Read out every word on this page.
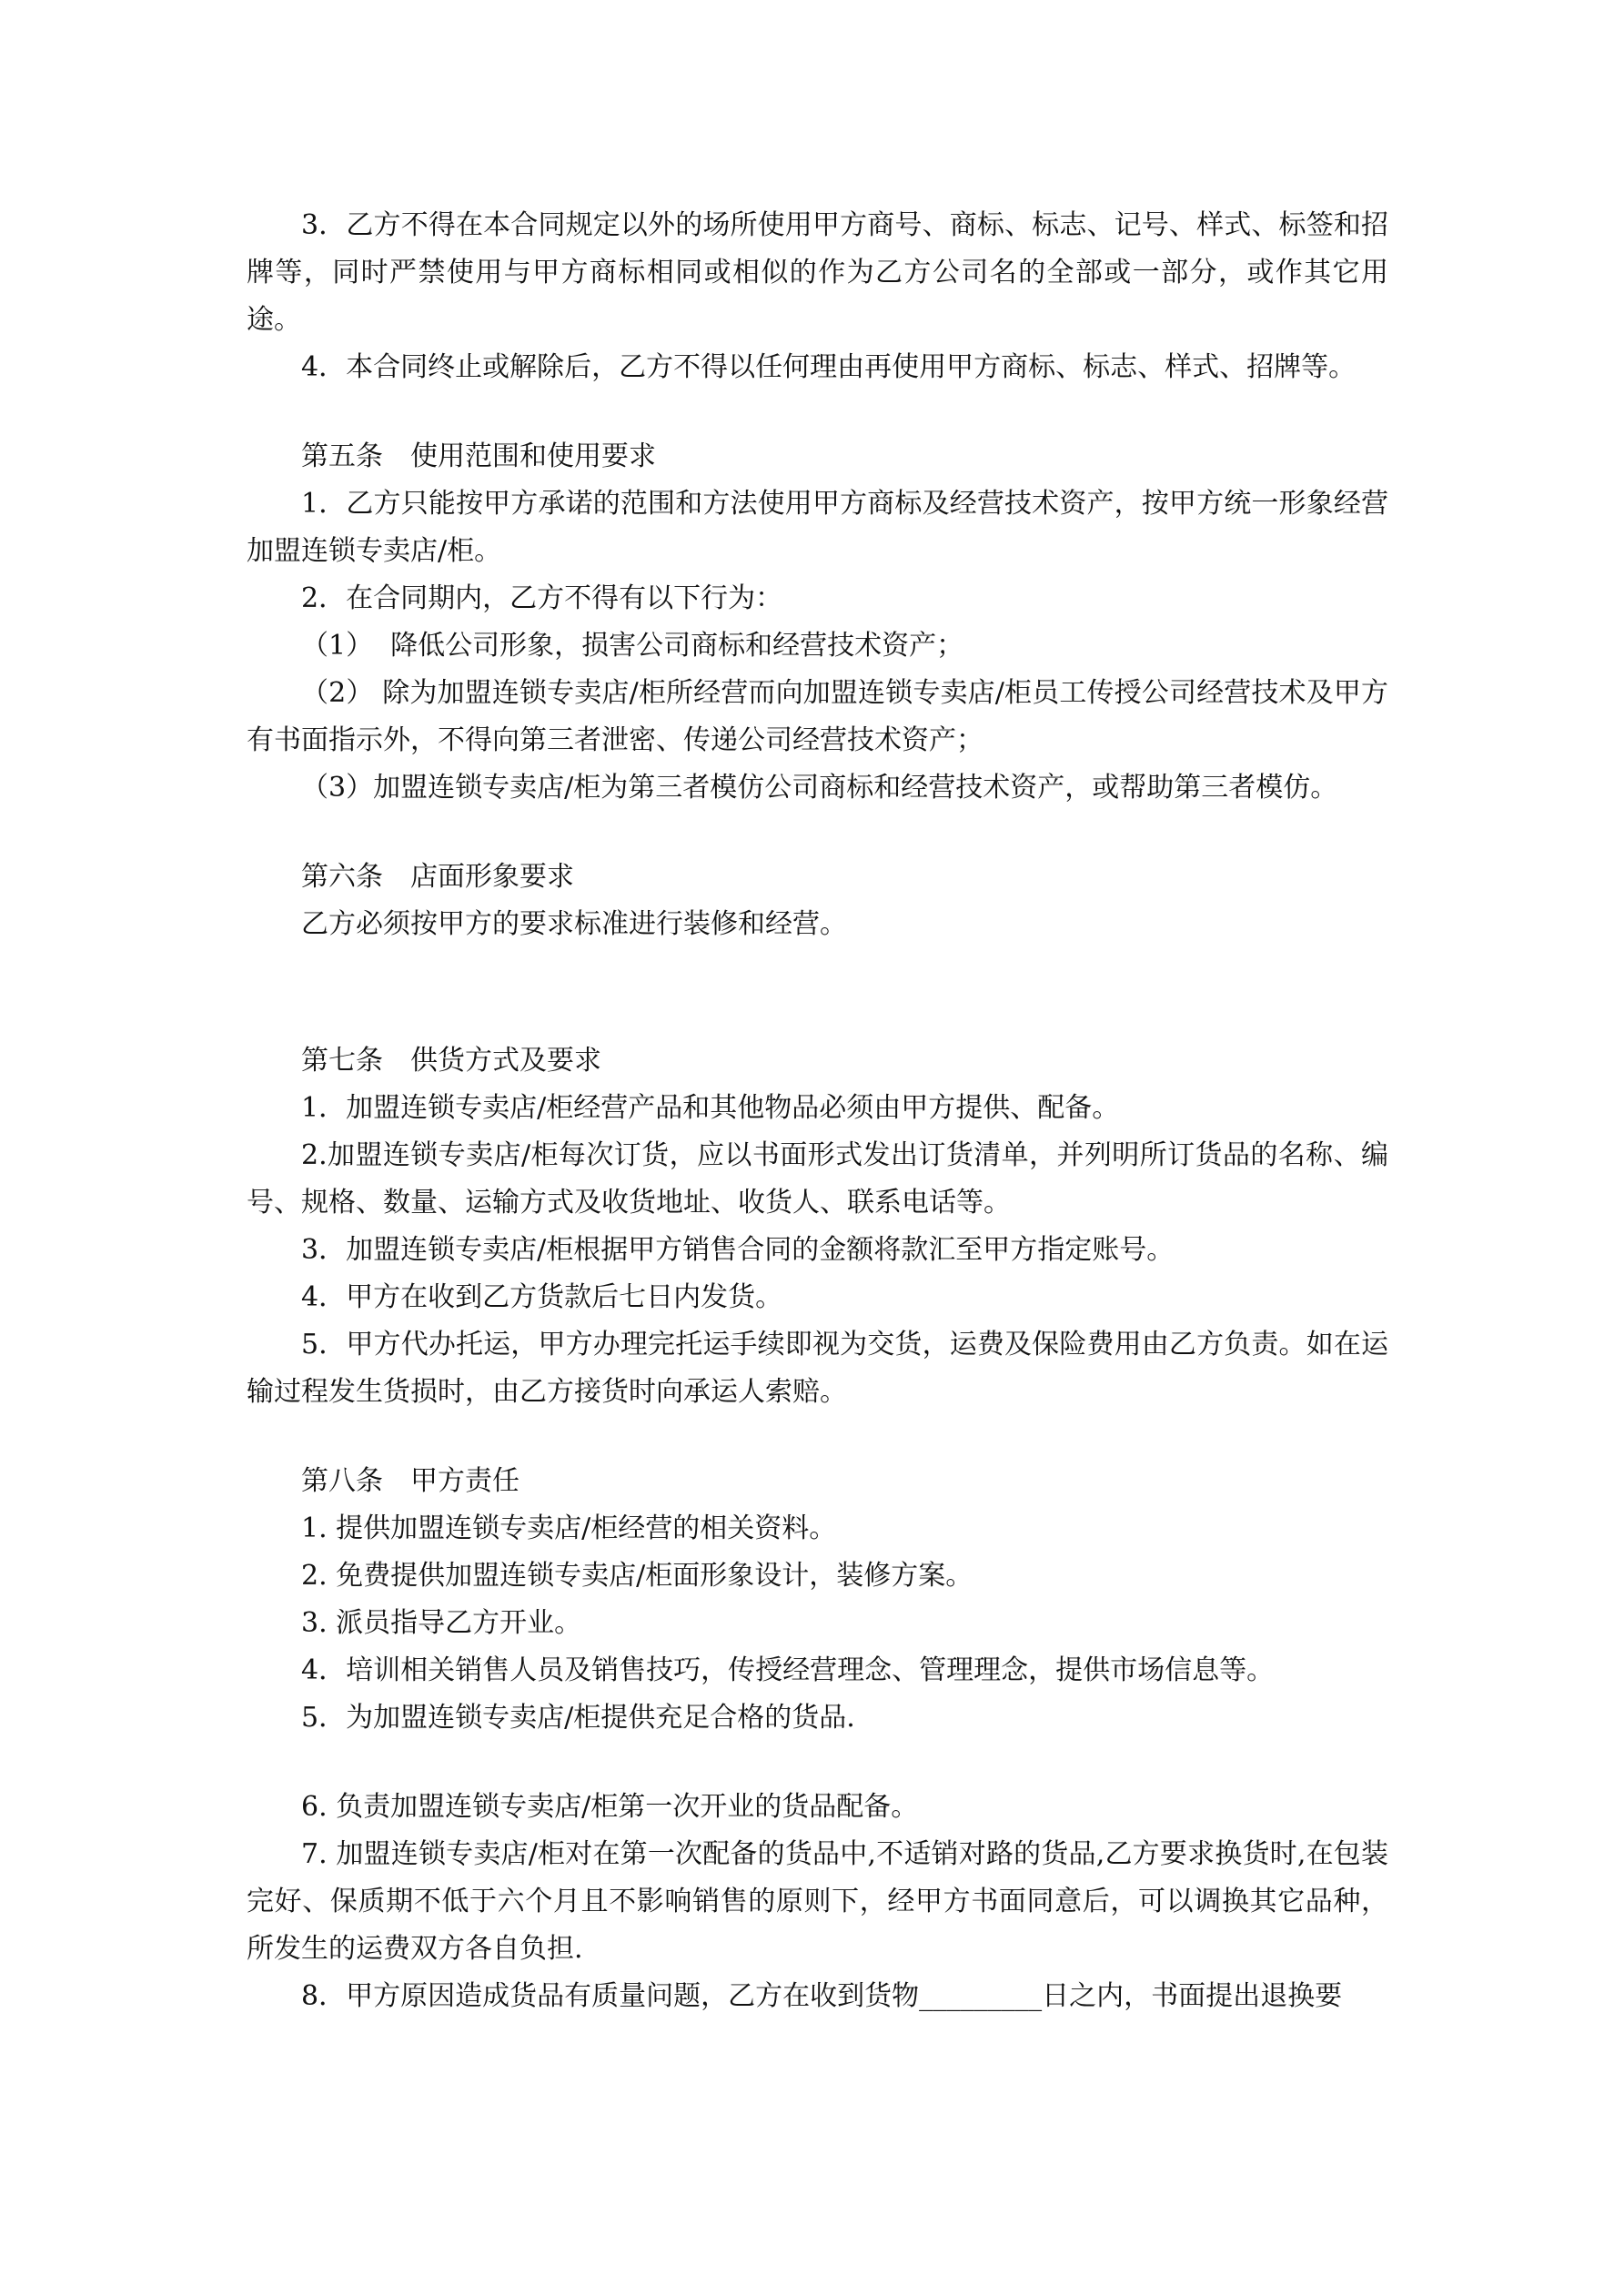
3．乙方不得在本合同规定以外的场所使用甲方商号、商标、标志、记号、样式、标签和招牌等，同时严禁使用与甲方商标相同或相似的作为乙方公司名的全部或一部分，或作其它用途。

4．本合同终止或解除后，乙方不得以任何理由再使用甲方商标、标志、样式、招牌等。

第五条　使用范围和使用要求

1．乙方只能按甲方承诺的范围和方法使用甲方商标及经营技术资产，按甲方统一形象经营加盟连锁专卖店/柜。

2．在合同期内，乙方不得有以下行为：

（1）  降低公司形象，损害公司商标和经营技术资产；

（2） 除为加盟连锁专卖店/柜所经营而向加盟连锁专卖店/柜员工传授公司经营技术及甲方有书面指示外，不得向第三者泄密、传递公司经营技术资产；

（3）加盟连锁专卖店/柜为第三者模仿公司商标和经营技术资产，或帮助第三者模仿。

第六条　店面形象要求

乙方必须按甲方的要求标准进行装修和经营。

第七条　供货方式及要求

1．加盟连锁专卖店/柜经营产品和其他物品必须由甲方提供、配备。

2.加盟连锁专卖店/柜每次订货，应以书面形式发出订货清单，并列明所订货品的名称、编号、规格、数量、运输方式及收货地址、收货人、联系电话等。

3．加盟连锁专卖店/柜根据甲方销售合同的金额将款汇至甲方指定账号。

4．甲方在收到乙方货款后七日内发货。

5．甲方代办托运，甲方办理完托运手续即视为交货，运费及保险费用由乙方负责。如在运输过程发生货损时，由乙方接货时向承运人索赔。

第八条　甲方责任

1. 提供加盟连锁专卖店/柜经营的相关资料。

2. 免费提供加盟连锁专卖店/柜面形象设计，装修方案。

3. 派员指导乙方开业。

4．培训相关销售人员及销售技巧，传授经营理念、管理理念，提供市场信息等。

5．为加盟连锁专卖店/柜提供充足合格的货品.

6. 负责加盟连锁专卖店/柜第一次开业的货品配备。

7. 加盟连锁专卖店/柜对在第一次配备的货品中,不适销对路的货品,乙方要求换货时,在包装完好、保质期不低于六个月且不影响销售的原则下，经甲方书面同意后，可以调换其它品种，所发生的运费双方各自负担.

8．甲方原因造成货品有质量问题，乙方在收到货物_________日之内，书面提出退换要
